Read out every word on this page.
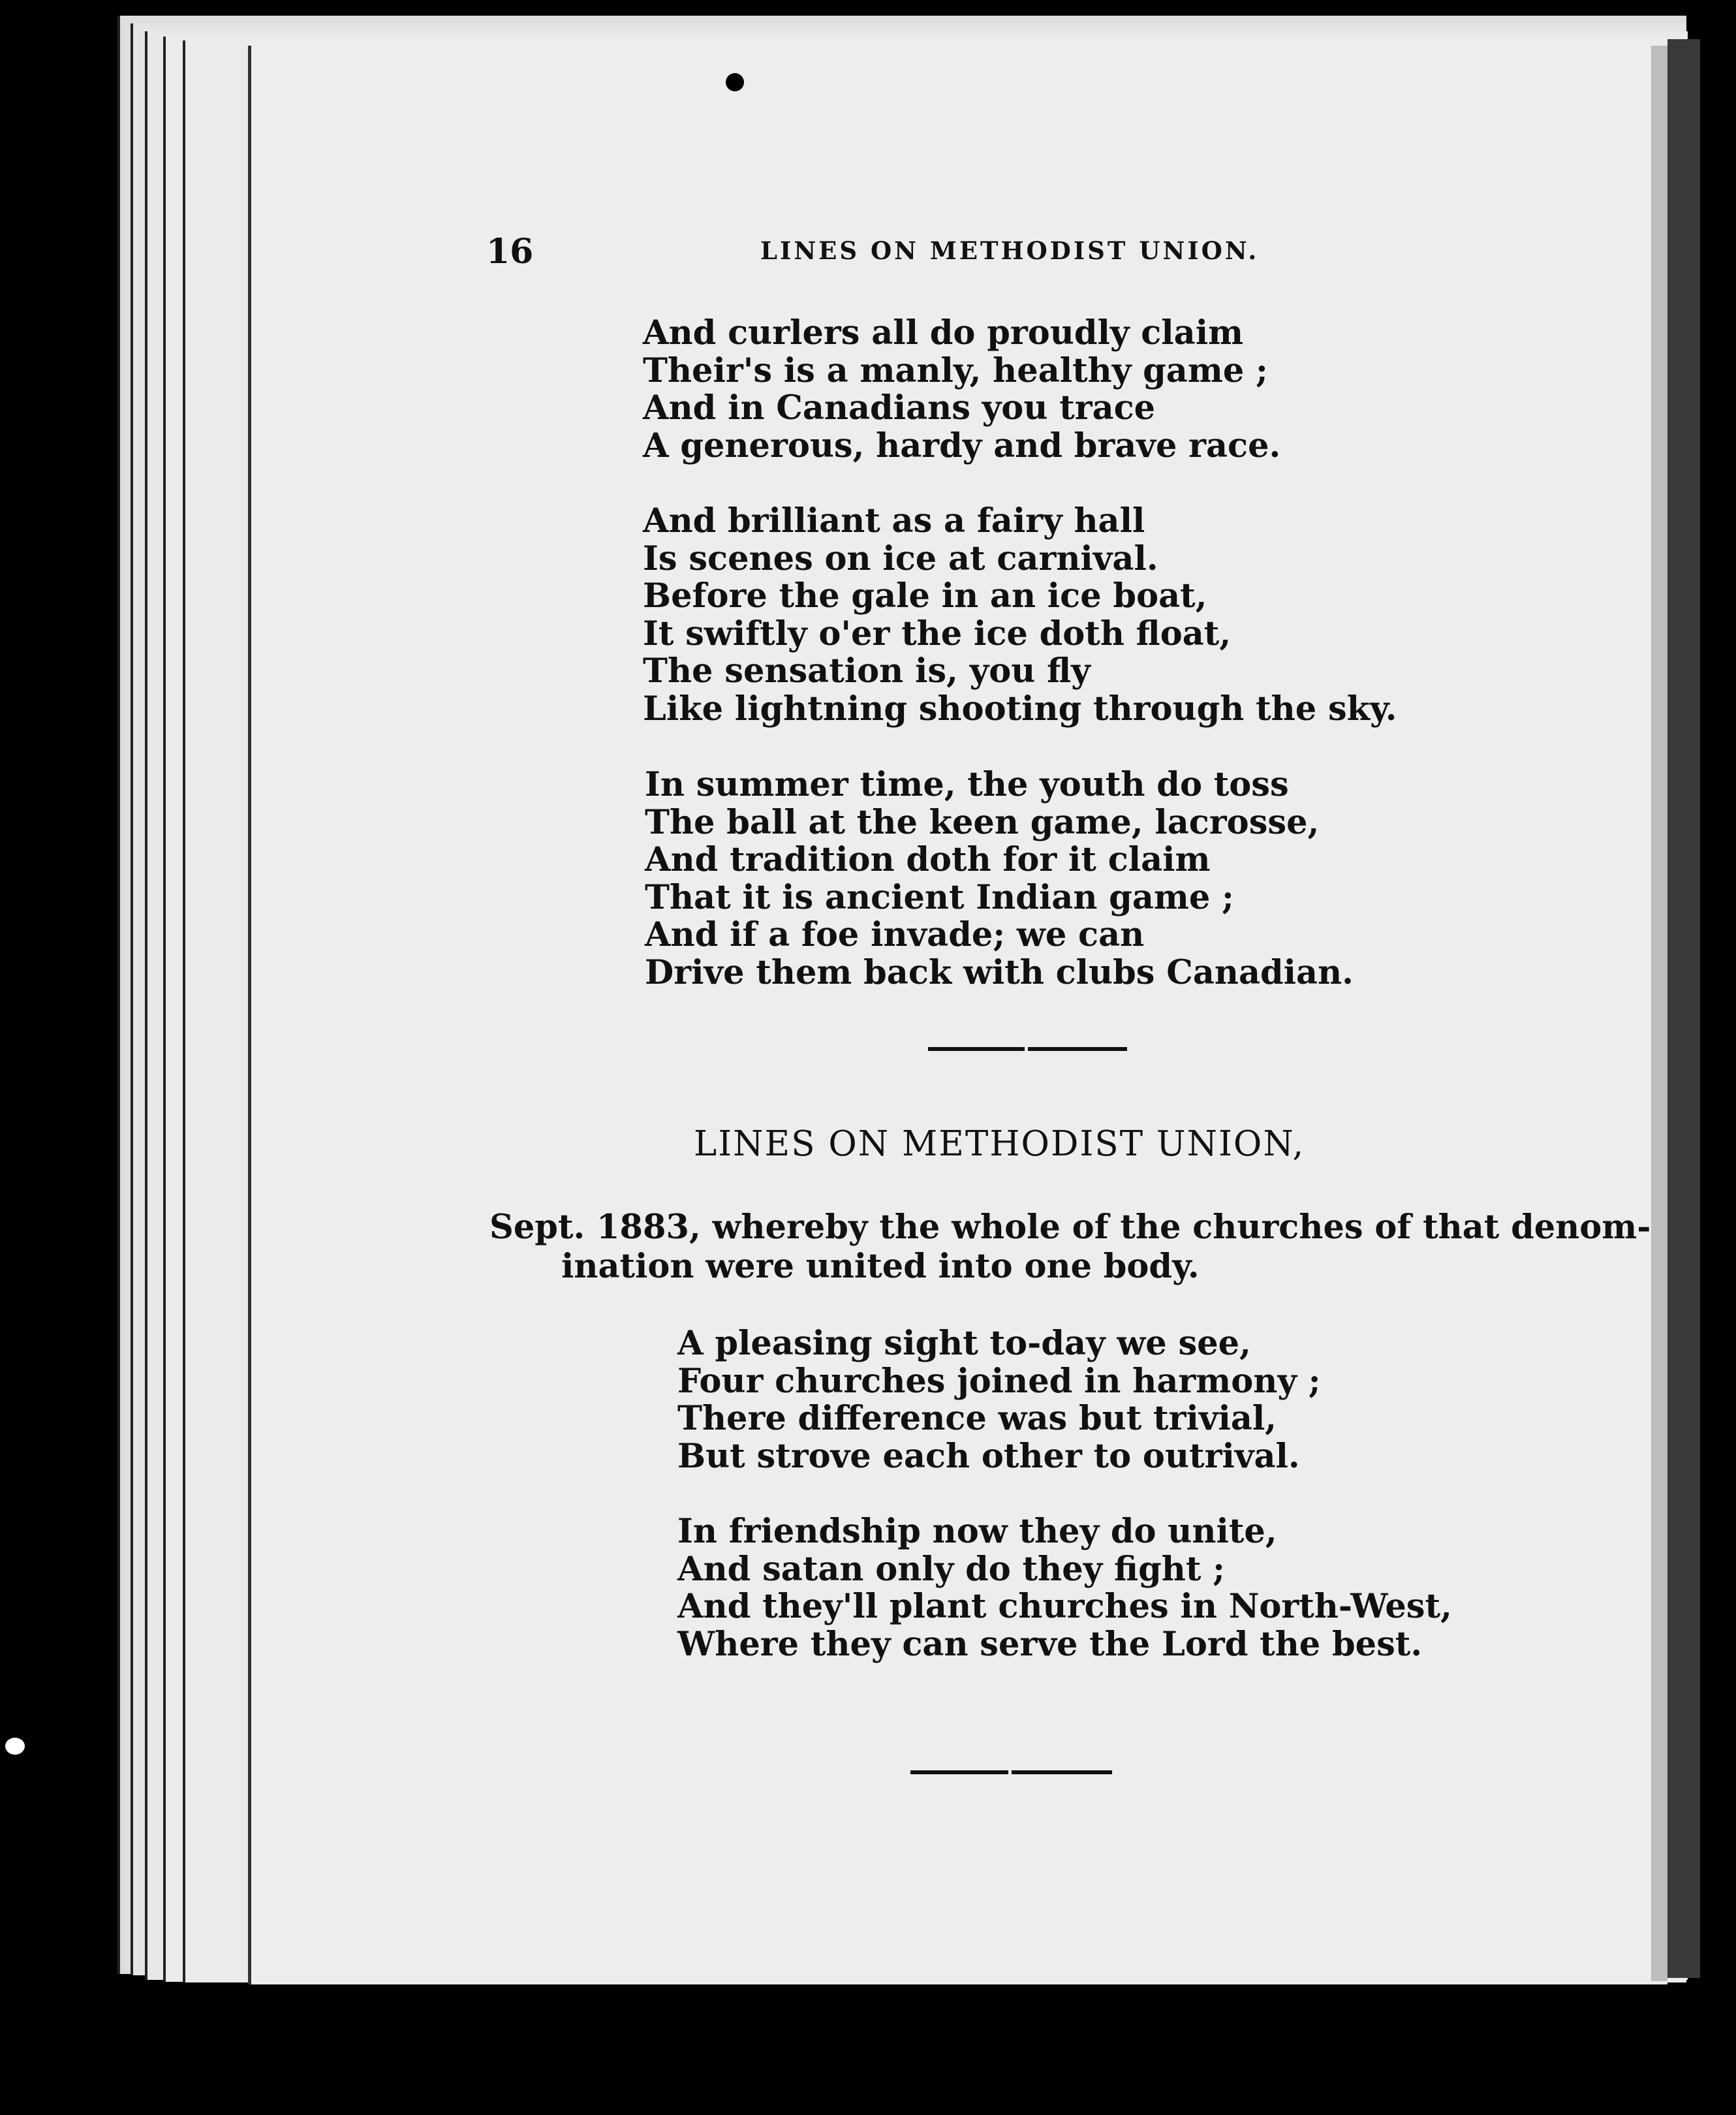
16	LINES ON METHODIST UNION.
And curlers all do proudly claim
Their's is a manly, healthy game ;
And in Canadians you trace
A generous, hardy and brave race.
And brilliant as a fairy hall
Is scenes on ice at carnival.
Before the gale in an ice boat,
It swiftly o'er the ice doth float,
The sensation is, you fly
Like lightning shooting through the sky.
In summer time, the youth do toss
The ball at the keen game, lacrosse,
And tradition doth for it claim
That it is ancient Indian game ;
And if a foe invade; we can
Drive them back with clubs Canadian.
LINES ON METHODIST UNION,
Sept. 1883, whereby the whole of the churches of that denom-
ination were united into one body.
A pleasing sight to-day we see,
Four churches joined in harmony ;
There difference was but trivial,
But strove each other to outrival.
In friendship now they do unite,
And satan only do they fight ;
And they'll plant churches in North-West,
Where they can serve the Lord the best.
